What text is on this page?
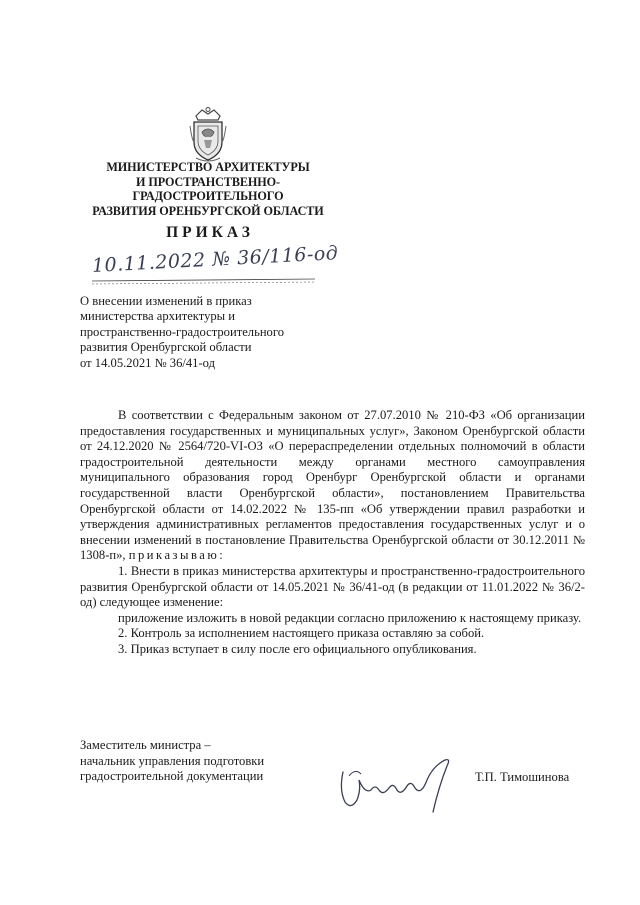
МИНИСТЕРСТВО АРХИТЕКТУРЫ
И ПРОСТРАНСТВЕННО-
ГРАДОСТРОИТЕЛЬНОГО
РАЗВИТИЯ ОРЕНБУРГСКОЙ ОБЛАСТИ
ПРИКАЗ
10.11.2022 № 36/116-од
О внесении изменений в приказ
министерства архитектуры и
пространственно-градостроительного
развития Оренбургской области
от 14.05.2021 № 36/41-од

В соответствии с Федеральным законом от 27.07.2010 № 210-ФЗ «Об организации предоставления государственных и муниципальных услуг», Законом Оренбургской области от 24.12.2020 № 2564/720-VI-ОЗ «О перераспределении отдельных полномочий в области градостроительной деятельности между органами местного самоуправления муниципального образования город Оренбург Оренбургской области и органами государственной власти Оренбургской области», постановлением Правительства Оренбургской области от 14.02.2022 № 135-пп «Об утверждении правил разработки и утверждения административных регламентов предоставления государственных услуг и о внесении изменений в постановление Правительства Оренбургской области от 30.12.2011 № 1308-п», приказываю:

1. Внести в приказ министерства архитектуры и пространственно-градостроительного развития Оренбургской области от 14.05.2021 № 36/41-од (в редакции от 11.01.2022 № 36/2-од) следующее изменение:

приложение изложить в новой редакции согласно приложению к настоящему приказу.

2. Контроль за исполнением настоящего приказа оставляю за собой.

3. Приказ вступает в силу после его официального опубликования.

Заместитель министра –
начальник управления подготовки
градостроительной документации	Т.П. Тимошинова
